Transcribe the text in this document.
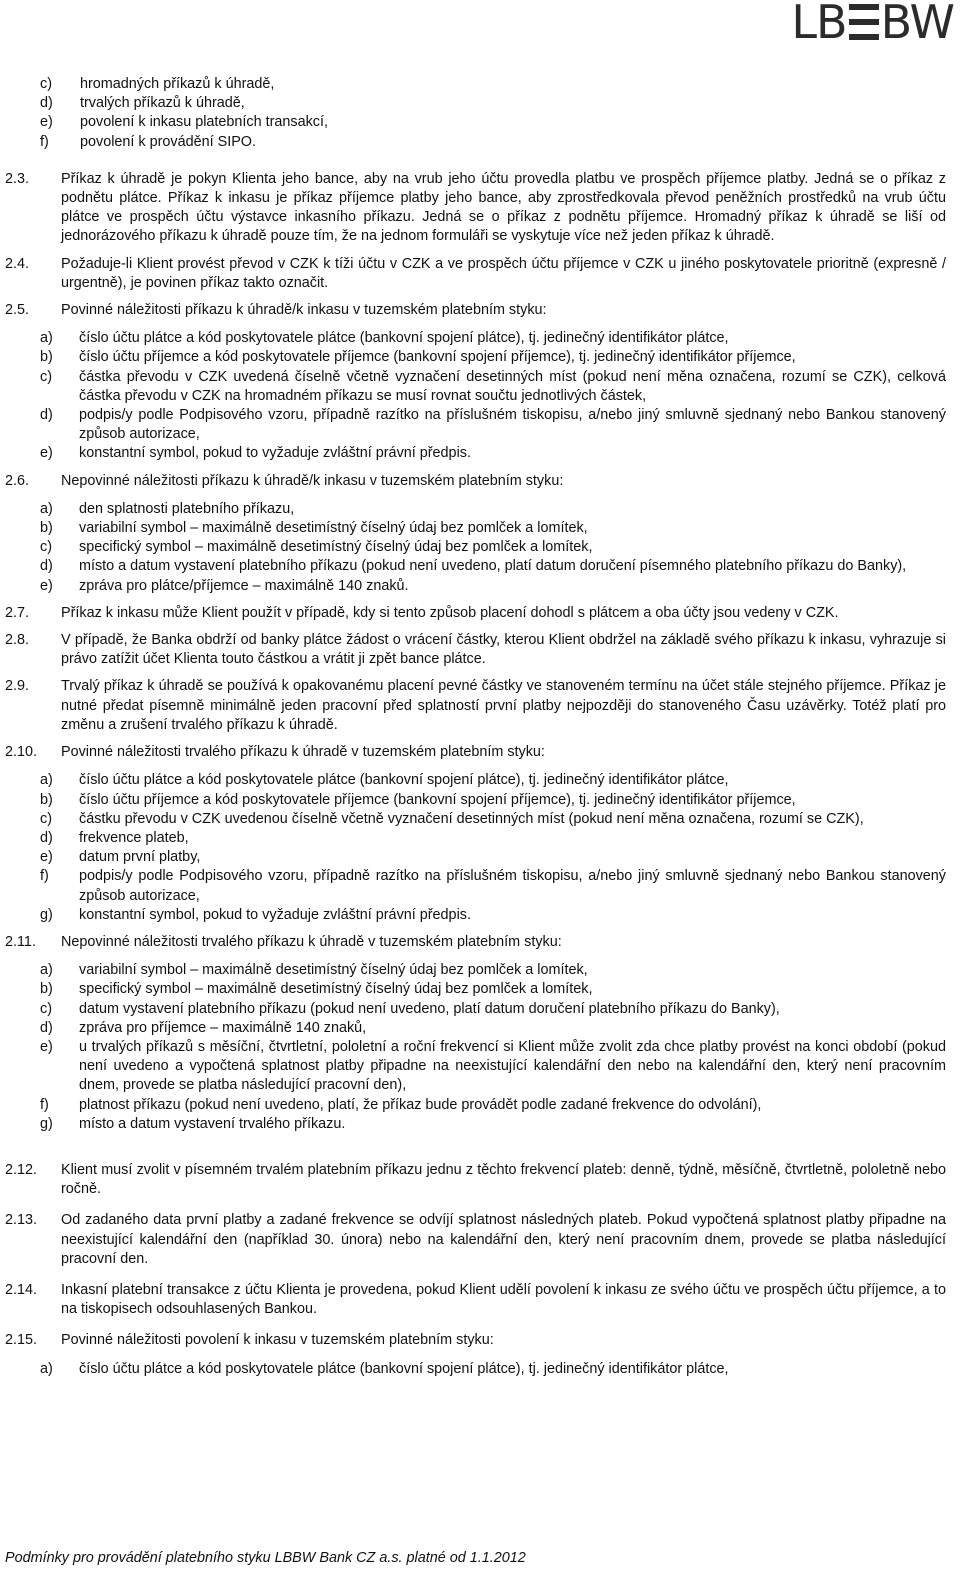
LB BW
c) hromadných příkazů k úhradě,
d) trvalých příkazů k úhradě,
e) povolení k inkasu platebních transakcí,
f) povolení k provádění SIPO.
2.3. Příkaz k úhradě je pokyn Klienta jeho bance, aby na vrub jeho účtu provedla platbu ve prospěch příjemce platby. Jedná se o příkaz z podnětu plátce. Příkaz k inkasu je příkaz příjemce platby jeho bance, aby zprostředkovala převod peněžních prostředků na vrub účtu plátce ve prospěch účtu výstavce inkasního příkazu. Jedná se o příkaz z podnětu příjemce. Hromadný příkaz k úhradě se liší od jednorázového příkazu k úhradě pouze tím, že na jednom formuláři se vyskytuje více než jeden příkaz k úhradě.
2.4. Požaduje-li Klient provést převod v CZK k tíži účtu v CZK a ve prospěch účtu příjemce v CZK u jiného poskytovatele prioritně (expresně / urgentně), je povinen příkaz takto označit.
2.5. Povinné náležitosti příkazu k úhradě/k inkasu v tuzemském platebním styku:
a) číslo účtu plátce a kód poskytovatele plátce (bankovní spojení plátce), tj. jedinečný identifikátor plátce,
b) číslo účtu příjemce a kód poskytovatele příjemce (bankovní spojení příjemce), tj. jedinečný identifikátor příjemce,
c) částka převodu v CZK uvedená číselně včetně vyznačení desetinných míst (pokud není měna označena, rozumí se CZK), celková částka převodu v CZK na hromadném příkazu se musí rovnat součtu jednotlivých částek,
d) podpis/y podle Podpisového vzoru, případně razítko na příslušném tiskopisu, a/nebo jiný smluvně sjednaný nebo Bankou stanovený způsob autorizace,
e) konstantní symbol, pokud to vyžaduje zvláštní právní předpis.
2.6. Nepovinné náležitosti příkazu k úhradě/k inkasu v tuzemském platebním styku:
a) den splatnosti platebního příkazu,
b) variabilní symbol – maximálně desetimístný číselný údaj bez pomlček a lomítek,
c) specifický symbol – maximálně desetimístný číselný údaj bez pomlček a lomítek,
d) místo a datum vystavení platebního příkazu (pokud není uvedeno, platí datum doručení písemného platebního příkazu do Banky),
e) zpráva pro plátce/příjemce – maximálně 140 znaků.
2.7. Příkaz k inkasu může Klient použít v případě, kdy si tento způsob placení dohodl s plátcem a oba účty jsou vedeny v CZK.
2.8. V případě, že Banka obdrží od banky plátce žádost o vrácení částky, kterou Klient obdržel na základě svého příkazu k inkasu, vyhrazuje si právo zatížit účet Klienta touto částkou a vrátit ji zpět bance plátce.
2.9. Trvalý příkaz k úhradě se používá k opakovanému placení pevné částky ve stanoveném termínu na účet stále stejného příjemce. Příkaz je nutné předat písemně minimálně jeden pracovní před splatností první platby nejpozději do stanoveného Času uzávěrky. Totéž platí pro změnu a zrušení trvalého příkazu k úhradě.
2.10. Povinné náležitosti trvalého příkazu k úhradě v tuzemském platebním styku:
a) číslo účtu plátce a kód poskytovatele plátce (bankovní spojení plátce), tj. jedinečný identifikátor plátce,
b) číslo účtu příjemce a kód poskytovatele příjemce (bankovní spojení příjemce), tj. jedinečný identifikátor příjemce,
c) částku převodu v CZK uvedenou číselně včetně vyznačení desetinných míst (pokud není měna označena, rozumí se CZK),
d) frekvence plateb,
e) datum první platby,
f) podpis/y podle Podpisového vzoru, případně razítko na příslušném tiskopisu, a/nebo jiný smluvně sjednaný nebo Bankou stanovený způsob autorizace,
g) konstantní symbol, pokud to vyžaduje zvláštní právní předpis.
2.11. Nepovinné náležitosti trvalého příkazu k úhradě v tuzemském platebním styku:
a) variabilní symbol – maximálně desetimístný číselný údaj bez pomlček a lomítek,
b) specifický symbol – maximálně desetimístný číselný údaj bez pomlček a lomítek,
c) datum vystavení platebního příkazu (pokud není uvedeno, platí datum doručení platebního příkazu do Banky),
d) zpráva pro příjemce – maximálně 140 znaků,
e) u trvalých příkazů s měsíční, čtvrtletní, pololetní a roční frekvencí si Klient může zvolit zda chce platby provést na konci období (pokud není uvedeno a vypočtená splatnost platby připadne na neexistující kalendářní den nebo na kalendářní den, který není pracovním dnem, provede se platba následující pracovní den),
f) platnost příkazu (pokud není uvedeno, platí, že příkaz bude provádět podle zadané frekvence do odvolání),
g) místo a datum vystavení trvalého příkazu.
2.12. Klient musí zvolit v písemném trvalém platebním příkazu jednu z těchto frekvencí plateb: denně, týdně, měsíčně, čtvrtletně, pololetně nebo ročně.
2.13. Od zadaného data první platby a zadané frekvence se odvíjí splatnost následných plateb. Pokud vypočtená splatnost platby připadne na neexistující kalendářní den (například 30. února) nebo na kalendářní den, který není pracovním dnem, provede se platba následující pracovní den.
2.14. Inkasní platební transakce z účtu Klienta je provedena, pokud Klient udělí povolení k inkasu ze svého účtu ve prospěch účtu příjemce, a to na tiskopisech odsouhlasených Bankou.
2.15. Povinné náležitosti povolení k inkasu v tuzemském platebním styku:
a) číslo účtu plátce a kód poskytovatele plátce (bankovní spojení plátce), tj. jedinečný identifikátor plátce,
Podmínky pro provádění platebního styku LBBW Bank CZ a.s. platné od 1.1.2012
